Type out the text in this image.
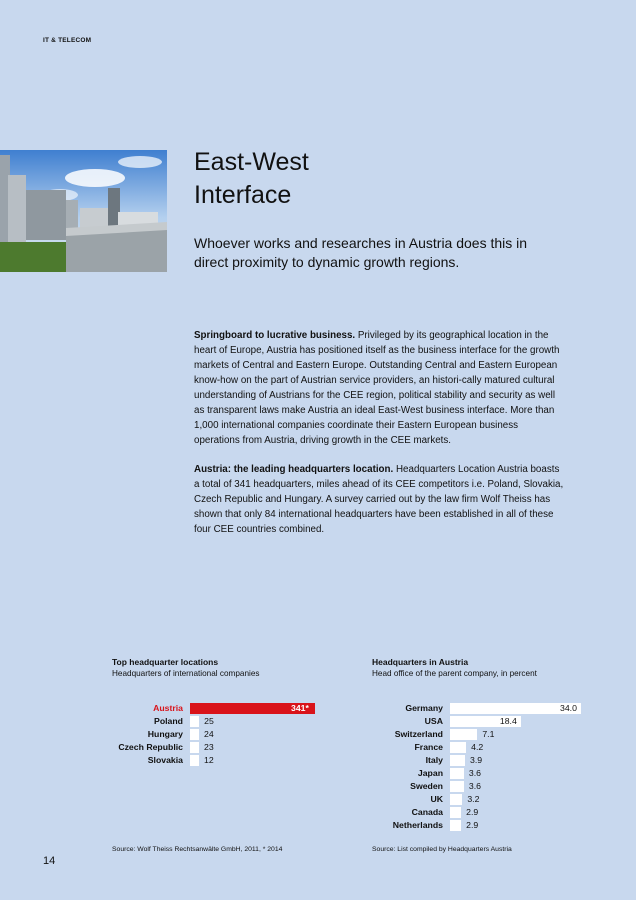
IT & TELECOM
East-West
Interface

Whoever works and researches in Austria does this in direct proximity to dynamic growth regions.

Springboard to lucrative business. Privileged by its geographical location in the heart of Europe, Austria has positioned itself as the business interface for the growth markets of Central and Eastern Europe. Outstanding Central and Eastern European know-how on the part of Austrian service providers, an histori-cally matured cultural understanding of Austrians for the CEE region, political stability and security as well as transparent laws make Austria an ideal East-West business interface. More than 1,000 international companies coordinate their Eastern European business operations from Austria, driving growth in the CEE markets.

Austria: the leading headquarters location. Headquarters Location Austria boasts a total of 341 headquarters, miles ahead of its CEE competitors i.e. Poland, Slovakia, Czech Republic and Hungary. A survey carried out by the law firm Wolf Theiss has shown that only 84 international headquarters have been established in all of these four CEE countries combined.

Top headquarter locations
Headquarters of international companies
Austria	341*
Poland 25
Hungary 24
Czech Republic 23
Slovakia 12
Source: Wolf Theiss Rechtsanwälte GmbH, 2011, * 2014
Headquarters in Austria
Head office of the parent company, in percent
Germany	34.0
USA	18.4
Switzerland	7.1
France	4.2
Italy	3.9
Japan	3.6
Sweden	3.6
UK	3.2
Canada	2.9
Netherlands	2.9
Source: List compiled by Headquarters Austria
14
